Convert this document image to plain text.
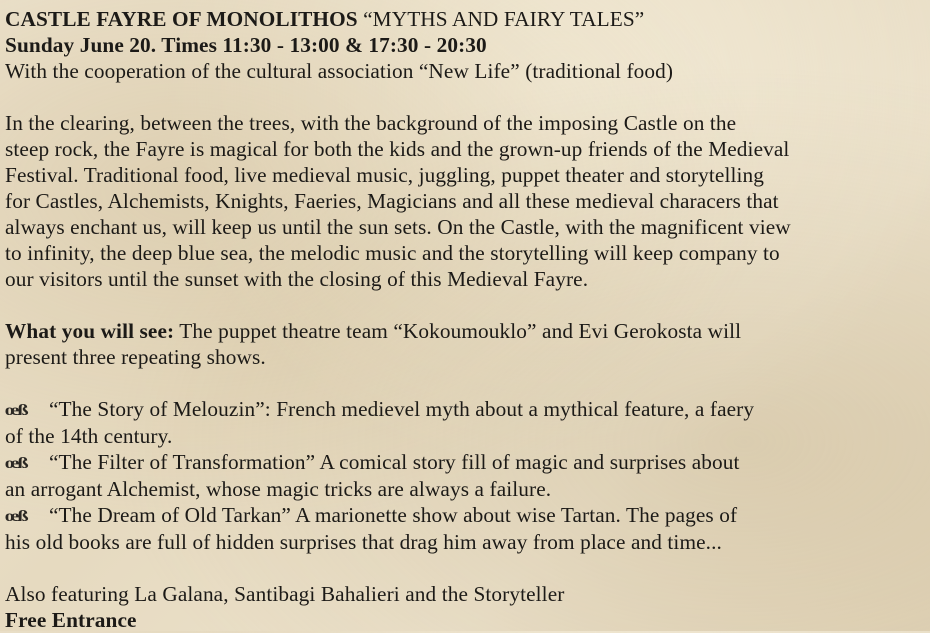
CASTLE FAYRE OF MONOLITHOS “MYTHS AND FAIRY TALES”
Sunday June 20. Times 11:30 - 13:00 & 17:30 - 20:30
With the cooperation of the cultural association “New Life” (traditional food)
In the clearing, between the trees, with the background of the imposing Castle on the
steep rock, the Fayre is magical for both the kids and the grown-up friends of the Medieval
Festival. Traditional food, live medieval music, juggling, puppet theater and storytelling
for Castles, Alchemists, Knights, Faeries, Magicians and all these medieval characers that
always enchant us, will keep us until the sun sets. On the Castle, with the magnificent view
to infinity, the deep blue sea, the melodic music and the storytelling will keep company to
our visitors until the sunset with the closing of this Medieval Fayre.
What you will see: The puppet theatre team “Kokoumouklo” and Evi Gerokosta will
present three repeating shows.
œß “The Story of Melouzin”: French medievel myth about a mythical feature, a faery
of the 14th century.
œß “The Filter of Transformation” A comical story fill of magic and surprises about
an arrogant Alchemist, whose magic tricks are always a failure.
œß “The Dream of Old Tarkan” A marionette show about wise Tartan. The pages of
his old books are full of hidden surprises that drag him away from place and time...
Also featuring La Galana, Santibagi Bahalieri and the Storyteller
Free Entrance
